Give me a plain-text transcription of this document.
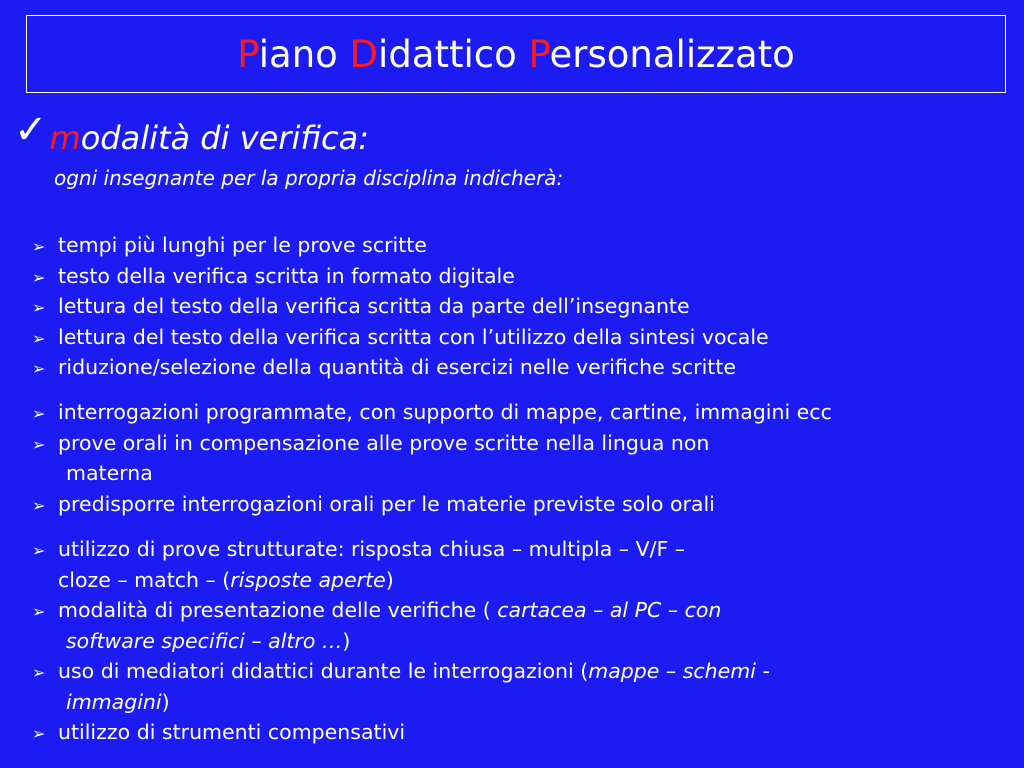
Piano Didattico Personalizzato
✓modalità di verifica:
ogni insegnante per la propria disciplina indicherà:
➢ tempi più lunghi per le prove scritte
➢ testo della verifica scritta in formato digitale
➢ lettura del testo della verifica scritta da parte dell’insegnante
➢ lettura del testo della verifica scritta con l’utilizzo della sintesi vocale
➢ riduzione/selezione della quantità di esercizi nelle verifiche scritte
➢ interrogazioni programmate, con supporto di mappe, cartine, immagini ecc
➢ prove orali in compensazione alle prove scritte nella lingua non
materna
➢ predisporre interrogazioni orali per le materie previste solo orali
➢ utilizzo di prove strutturate: risposta chiusa – multipla – V/F –
cloze – match – (risposte aperte)
➢ modalità di presentazione delle verifiche ( cartacea – al PC – con
software specifici – altro …)
➢ uso di mediatori didattici durante le interrogazioni (mappe – schemi -
immagini)
➢ utilizzo di strumenti compensativi
